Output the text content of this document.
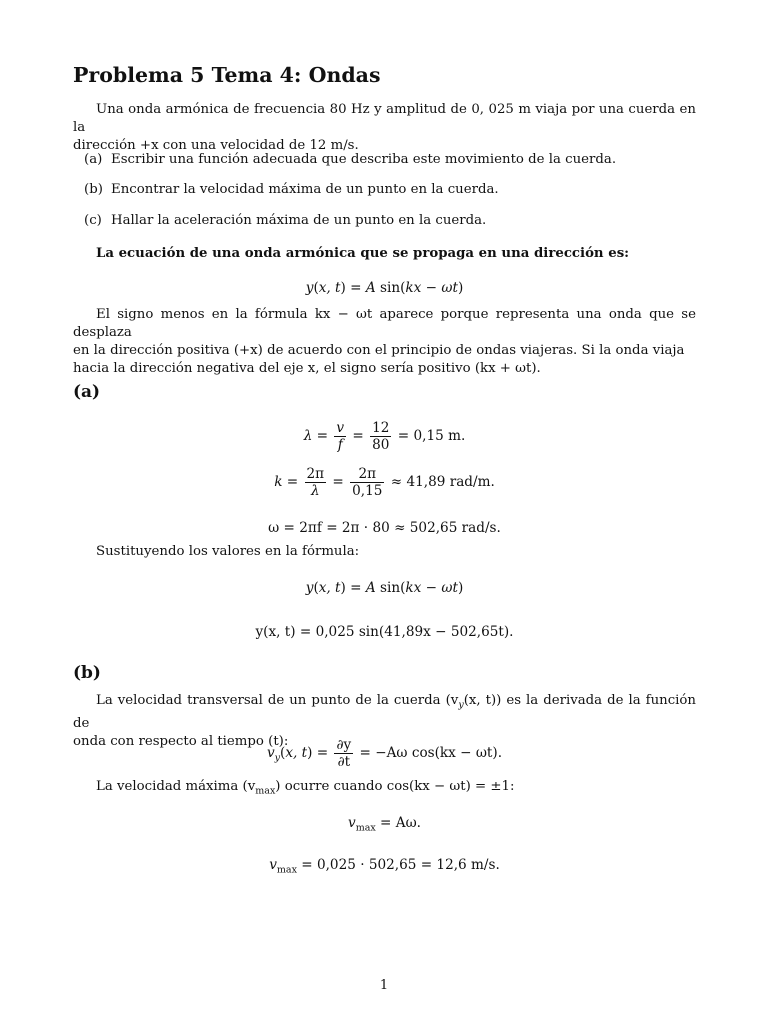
Problema 5 Tema 4: Ondas
Una onda armónica de frecuencia 80 Hz y amplitud de 0, 025 m viaja por una cuerda en la
dirección +x con una velocidad de 12 m/s.
(a) Escribir una función adecuada que describa este movimiento de la cuerda.
(b) Encontrar la velocidad máxima de un punto en la cuerda.
(c) Hallar la aceleración máxima de un punto en la cuerda.
La ecuación de una onda armónica que se propaga en una dirección es:
y(x, t) = A sin(kx − ωt)
El signo menos en la fórmula kx − ωt aparece porque representa una onda que se desplaza
en la dirección positiva (+x) de acuerdo con el principio de ondas viajeras. Si la onda viaja
hacia la dirección negativa del eje x, el signo sería positivo (kx + ωt).
(a)
$\lambda = \frac{v}{f} = \frac{12}{80} = 0,15$ m.
$k = \frac{2\pi}{\lambda} = \frac{2\pi}{0,15} \approx 41,89$ rad/m.
ω = 2πf = 2π · 80 ≈ 502,65 rad/s.
Sustituyendo los valores en la fórmula:
y(x, t) = A sin(kx − ωt)
y(x, t) = 0,025 sin(41,89x − 502,65t).
(b)
La velocidad transversal de un punto de la cuerda ($v_y(x$, t)) es la derivada de la función de
onda con respecto al tiempo (t):
$v_y(x$, $t) = \frac{\partial y}{\partial t} = -A\omega$ cos(kx − ωt).
La velocidad máxima $(v_{max})$ ocurre cuando cos(kx − ωt) = ±1:
$v_{max} = A\omega$.
$v_{max} = 0,025 \cdot 502,65 = 12,6$ m/s.
1
